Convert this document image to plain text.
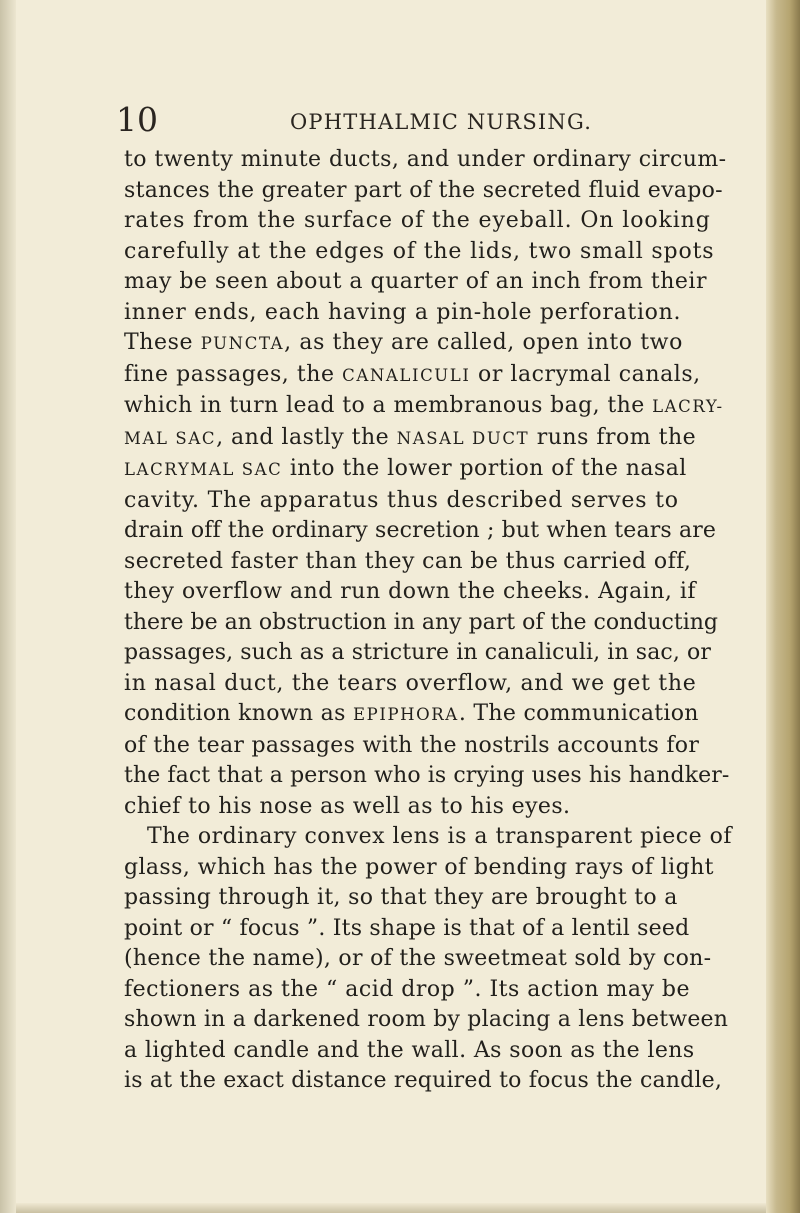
10	OPHTHALMIC NURSING.
to twenty minute ducts, and under ordinary circum-
stances the greater part of the secreted fluid evapo-
rates from the surface of the eyeball. On looking
carefully at the edges of the lids, two small spots
may be seen about a quarter of an inch from their
inner ends, each having a pin-hole perforation.
These PUNCTA, as they are called, open into two
fine passages, the CANALICULI or lacrymal canals,
which in turn lead to a membranous bag, the LACRY-
MAL SAC, and lastly the NASAL DUCT runs from the
LACRYMAL SAC into the lower portion of the nasal
cavity. The apparatus thus described serves to
drain off the ordinary secretion ; but when tears are
secreted faster than they can be thus carried off,
they overflow and run down the cheeks. Again, if
there be an obstruction in any part of the conducting
passages, such as a stricture in canaliculi, in sac, or
in nasal duct, the tears overflow, and we get the
condition known as EPIPHORA. The communication
of the tear passages with the nostrils accounts for
the fact that a person who is crying uses his handker-
chief to his nose as well as to his eyes.
The ordinary convex lens is a transparent piece of
glass, which has the power of bending rays of light
passing through it, so that they are brought to a
point or “ focus ”. Its shape is that of a lentil seed
(hence the name), or of the sweetmeat sold by con-
fectioners as the “ acid drop ”. Its action may be
shown in a darkened room by placing a lens between
a lighted candle and the wall. As soon as the lens
is at the exact distance required to focus the candle,
